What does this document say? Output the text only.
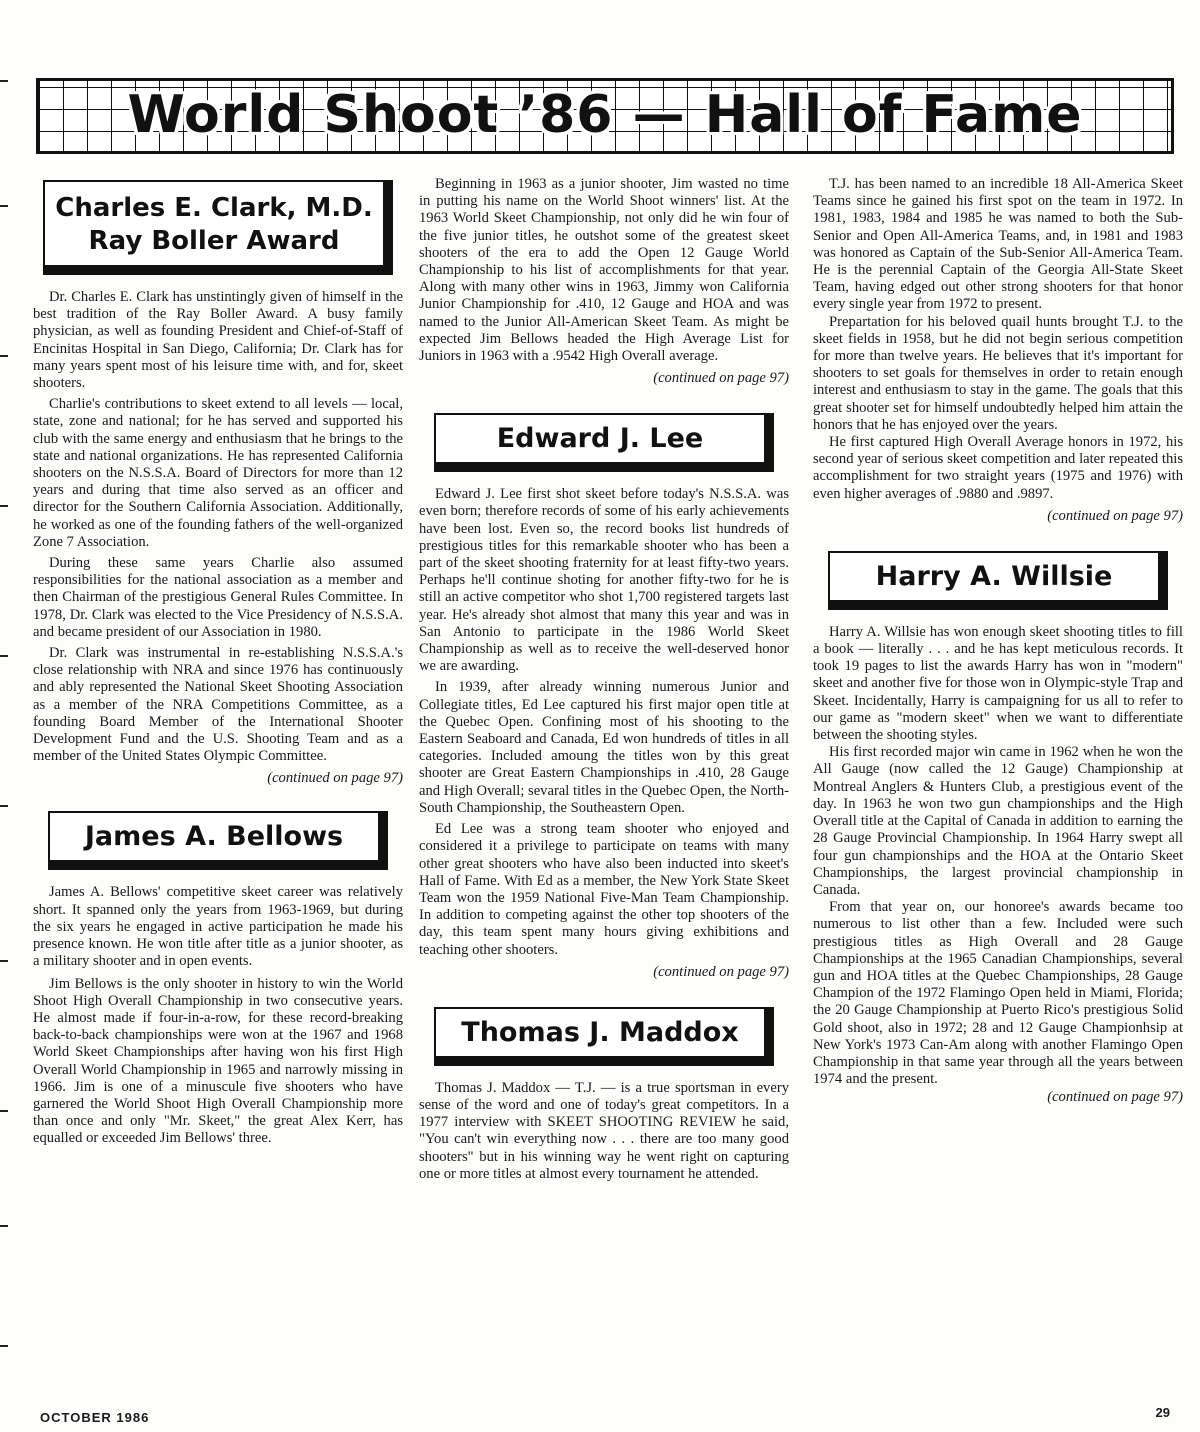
World Shoot ’86 — Hall of Fame
Charles E. Clark, M.D.
Ray Boller Award

Dr. Charles E. Clark has unstintingly given of himself in the best tradition of the Ray Boller Award. A busy family physician, as well as founding President and Chief-of-Staff of Encinitas Hospital in San Diego, California; Dr. Clark has for many years spent most of his leisure time with, and for, skeet shooters.

Charlie's contributions to skeet extend to all levels — local, state, zone and national; for he has served and supported his club with the same energy and enthusiasm that he brings to the state and national organizations. He has represented California shooters on the N.S.S.A. Board of Directors for more than 12 years and during that time also served as an officer and director for the Southern California Association. Additionally, he worked as one of the founding fathers of the well-organized Zone 7 Association.

During these same years Charlie also assumed responsibilities for the national association as a member and then Chairman of the prestigious General Rules Committee. In 1978, Dr. Clark was elected to the Vice Presidency of N.S.S.A. and became president of our Association in 1980.

Dr. Clark was instrumental in re-establishing N.S.S.A.'s close relationship with NRA and since 1976 has continuously and ably represented the National Skeet Shooting Association as a member of the NRA Competitions Committee, as a founding Board Member of the International Shooter Development Fund and the U.S. Shooting Team and as a member of the United States Olympic Committee.

(continued on page 97)
James A. Bellows

James A. Bellows' competitive skeet career was relatively short. It spanned only the years from 1963-1969, but during the six years he engaged in active participation he made his presence known. He won title after title as a junior shooter, as a military shooter and in open events.

Jim Bellows is the only shooter in history to win the World Shoot High Overall Championship in two consecutive years. He almost made if four-in-a-row, for these record-breaking back-to-back championships were won at the 1967 and 1968 World Skeet Championships after having won his first High Overall World Championship in 1965 and narrowly missing in 1966. Jim is one of a minuscule five shooters who have garnered the World Shoot High Overall Championship more than once and only "Mr. Skeet," the great Alex Kerr, has equalled or exceeded Jim Bellows' three.

Beginning in 1963 as a junior shooter, Jim wasted no time in putting his name on the World Shoot winners' list. At the 1963 World Skeet Championship, not only did he win four of the five junior titles, he outshot some of the greatest skeet shooters of the era to add the Open 12 Gauge World Championship to his list of accomplishments for that year. Along with many other wins in 1963, Jimmy won California Junior Championship for .410, 12 Gauge and HOA and was named to the Junior All-American Skeet Team. As might be expected Jim Bellows headed the High Average List for Juniors in 1963 with a .9542 High Overall average.

(continued on page 97)
Edward J. Lee

Edward J. Lee first shot skeet before today's N.S.S.A. was even born; therefore records of some of his early achievements have been lost. Even so, the record books list hundreds of prestigious titles for this remarkable shooter who has been a part of the skeet shooting fraternity for at least fifty-two years. Perhaps he'll continue shoting for another fifty-two for he is still an active competitor who shot 1,700 registered targets last year. He's already shot almost that many this year and was in San Antonio to participate in the 1986 World Skeet Championship as well as to receive the well-deserved honor we are awarding.

In 1939, after already winning numerous Junior and Collegiate titles, Ed Lee captured his first major open title at the Quebec Open. Confining most of his shooting to the Eastern Seaboard and Canada, Ed won hundreds of titles in all categories. Included amoung the titles won by this great shooter are Great Eastern Championships in .410, 28 Gauge and High Overall; sevaral titles in the Quebec Open, the North-South Championship, the Southeastern Open.

Ed Lee was a strong team shooter who enjoyed and considered it a privilege to participate on teams with many other great shooters who have also been inducted into skeet's Hall of Fame. With Ed as a member, the New York State Skeet Team won the 1959 National Five-Man Team Championship. In addition to competing against the other top shooters of the day, this team spent many hours giving exhibitions and teaching other shooters.

(continued on page 97)
Thomas J. Maddox

Thomas J. Maddox — T.J. — is a true sportsman in every sense of the word and one of today's great competitors. In a 1977 interview with SKEET SHOOTING REVIEW he said, "You can't win everything now . . . there are too many good shooters" but in his winning way he went right on capturing one or more titles at almost every tournament he attended.

T.J. has been named to an incredible 18 All-America Skeet Teams since he gained his first spot on the team in 1972. In 1981, 1983, 1984 and 1985 he was named to both the Sub-Senior and Open All-America Teams, and, in 1981 and 1983 was honored as Captain of the Sub-Senior All-America Team. He is the perennial Captain of the Georgia All-State Skeet Team, having edged out other strong shooters for that honor every single year from 1972 to present.

Prepartation for his beloved quail hunts brought T.J. to the skeet fields in 1958, but he did not begin serious competition for more than twelve years. He believes that it's important for shooters to set goals for themselves in order to retain enough interest and enthusiasm to stay in the game. The goals that this great shooter set for himself undoubtedly helped him attain the honors that he has enjoyed over the years.

He first captured High Overall Average honors in 1972, his second year of serious skeet competition and later repeated this accomplishment for two straight years (1975 and 1976) with even higher averages of .9880 and .9897.

(continued on page 97)
Harry A. Willsie

Harry A. Willsie has won enough skeet shooting titles to fill a book — literally . . . and he has kept meticulous records. It took 19 pages to list the awards Harry has won in "modern" skeet and another five for those won in Olympic-style Trap and Skeet. Incidentally, Harry is campaigning for us all to refer to our game as "modern skeet" when we want to differentiate between the shooting styles.

His first recorded major win came in 1962 when he won the All Gauge (now called the 12 Gauge) Championship at Montreal Anglers & Hunters Club, a prestigious event of the day. In 1963 he won two gun championships and the High Overall title at the Capital of Canada in addition to earning the 28 Gauge Provincial Championship. In 1964 Harry swept all four gun championships and the HOA at the Ontario Skeet Championships, the largest provincial championship in Canada.

From that year on, our honoree's awards became too numerous to list other than a few. Included were such prestigious titles as High Overall and 28 Gauge Championships at the 1965 Canadian Championships, several gun and HOA titles at the Quebec Championships, 28 Gauge Champion of the 1972 Flamingo Open held in Miami, Florida; the 20 Gauge Championship at Puerto Rico's prestigious Solid Gold shoot, also in 1972; 28 and 12 Gauge Championhsip at New York's 1973 Can-Am along with another Flamingo Open Championship in that same year through all the years between 1974 and the present.

(continued on page 97)
OCTOBER 1986	29
